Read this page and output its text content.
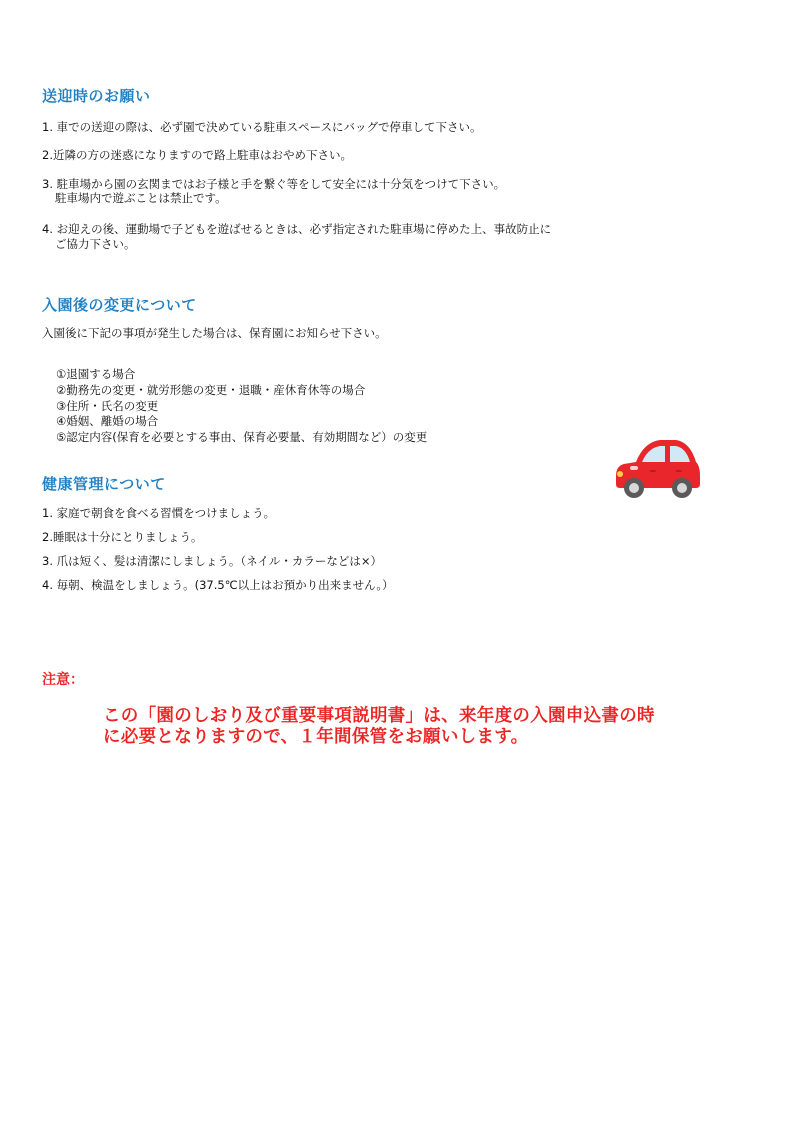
送迎時のお願い
1. 車での送迎の際は、必ず園で決めている駐車スペースにバッグで停車して下さい。
2.近隣の方の迷惑になりますので路上駐車はおやめ下さい。
3. 駐車場から園の玄関まではお子様と手を繋ぐ等をして安全には十分気をつけて下さい。
駐車場内で遊ぶことは禁止です。
4. お迎えの後、運動場で子どもを遊ばせるときは、必ず指定された駐車場に停めた上、事故防止に
ご協力下さい。
入園後の変更について
入園後に下記の事項が発生した場合は、保育園にお知らせ下さい。
①退園する場合
②勤務先の変更・就労形態の変更・退職・産休育休等の場合
③住所・氏名の変更
④婚姻、離婚の場合
⑤認定内容(保育を必要とする事由、保育必要量、有効期間など）の変更
健康管理について
1. 家庭で朝食を食べる習慣をつけましょう。
2.睡眠は十分にとりましょう。
3. 爪は短く、髪は清潔にしましょう。（ネイル・カラーなどは×）
4. 毎朝、検温をしましょう。(37.5℃以上はお預かり出来ません。）
注意：
この「園のしおり及び重要事項説明書」は、来年度の入園申込書の時
に必要となりますので、１年間保管をお願いします。
